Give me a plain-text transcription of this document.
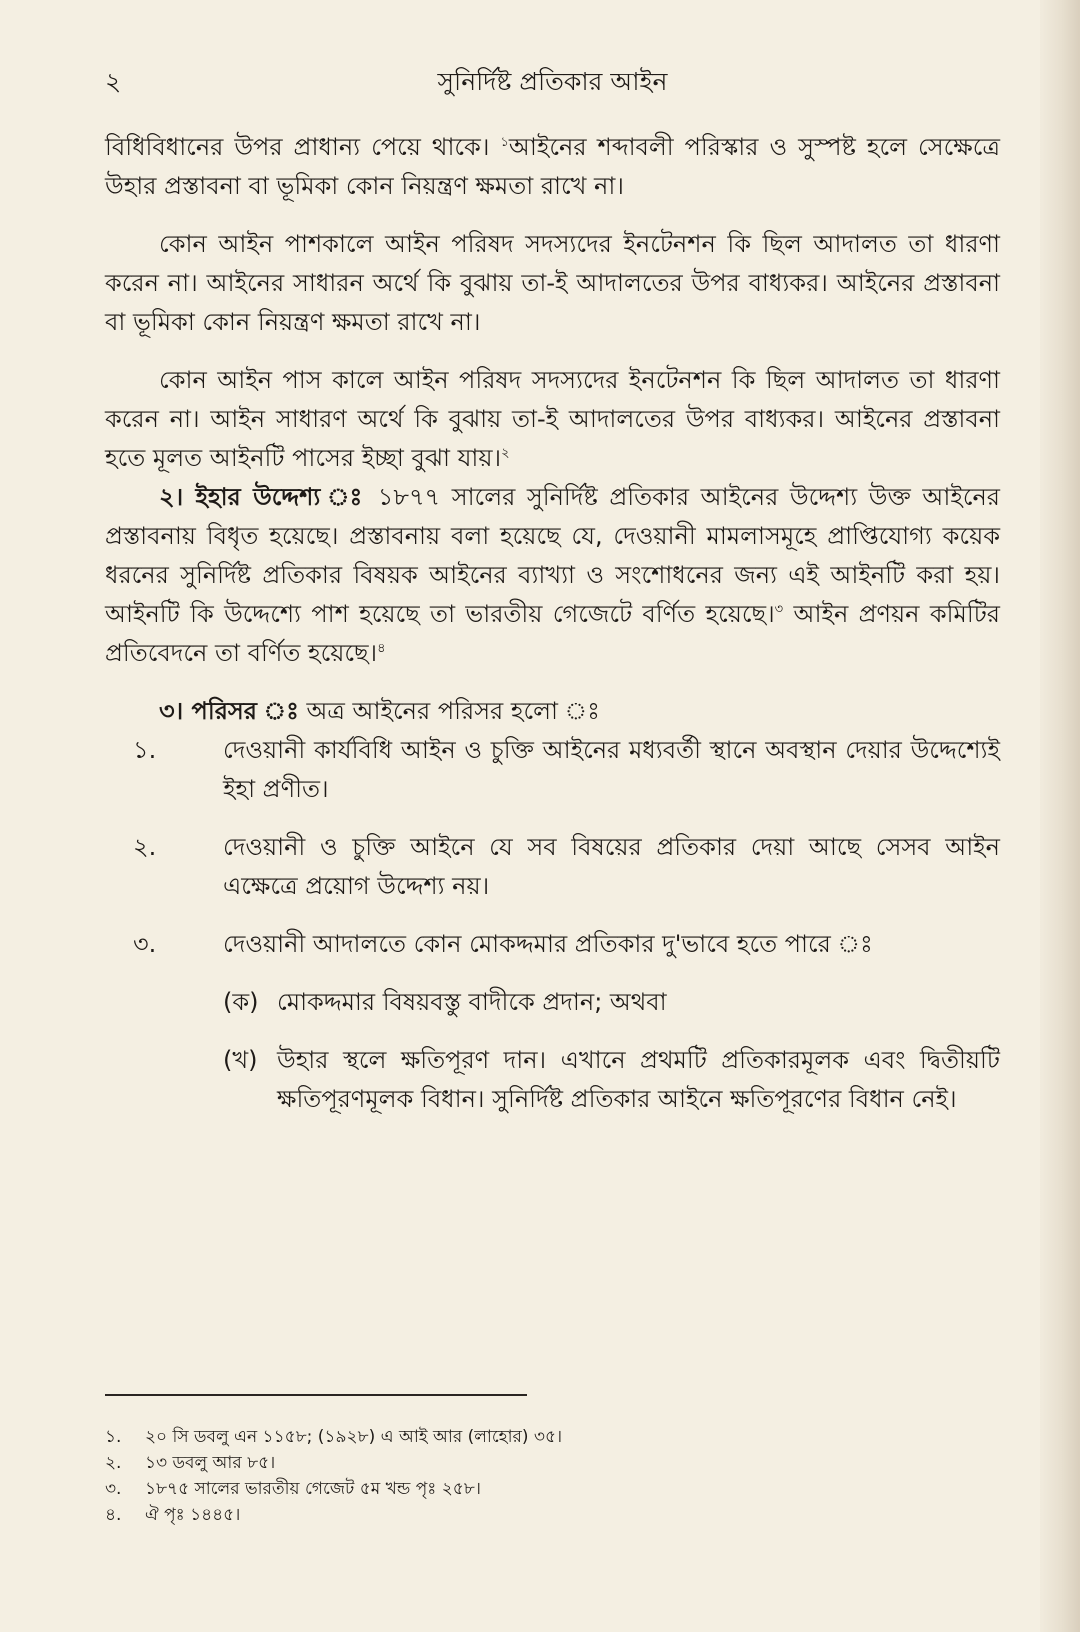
২	সুনির্দিষ্ট প্রতিকার আইন

বিধিবিধানের উপর প্রাধান্য পেয়ে থাকে। $^১$আইনের শব্দাবলী পরিস্কার ও সুস্পষ্ট হলে সেক্ষেত্রে উহার প্রস্তাবনা বা ভূমিকা কোন নিয়ন্ত্রণ ক্ষমতা রাখে না।

কোন আইন পাশকালে আইন পরিষদ সদস্যদের ইনটেনশন কি ছিল আদালত তা ধারণা করেন না। আইনের সাধারন অর্থে কি বুঝায় তা-ই আদালতের উপর বাধ্যকর। আইনের প্রস্তাবনা বা ভূমিকা কোন নিয়ন্ত্রণ ক্ষমতা রাখে না।

কোন আইন পাস কালে আইন পরিষদ সদস্যদের ইনটেনশন কি ছিল আদালত তা ধারণা করেন না। আইন সাধারণ অর্থে কি বুঝায় তা-ই আদালতের উপর বাধ্যকর। আইনের প্রস্তাবনা হতে মূলত আইনটি পাসের ইচ্ছা বুঝা যায়।$^২$

২। ইহার উদ্দেশ্য ঃ ১৮৭৭ সালের সুনির্দিষ্ট প্রতিকার আইনের উদ্দেশ্য উক্ত আইনের প্রস্তাবনায় বিধৃত হয়েছে। প্রস্তাবনায় বলা হয়েছে যে, দেওয়ানী মামলাসমূহে প্রাপ্তিযোগ্য কয়েক ধরনের সুনির্দিষ্ট প্রতিকার বিষয়ক আইনের ব্যাখ্যা ও সংশোধনের জন্য এই আইনটি করা হয়। আইনটি কি উদ্দেশ্যে পাশ হয়েছে তা ভারতীয় গেজেটে বর্ণিত হয়েছে।$^৩$ আইন প্রণয়ন কমিটির প্রতিবেদনে তা বর্ণিত হয়েছে।$^৪$

৩। পরিসর ঃ অত্র আইনের পরিসর হলো ঃ

১.	দেওয়ানী কার্যবিধি আইন ও চুক্তি আইনের মধ্যবর্তী স্থানে অবস্থান দেয়ার উদ্দেশ্যেই ইহা প্রণীত।

২.	দেওয়ানী ও চুক্তি আইনে যে সব বিষয়ের প্রতিকার দেয়া আছে সেসব আইন এক্ষেত্রে প্রয়োগ উদ্দেশ্য নয়।

৩.	দেওয়ানী আদালতে কোন মোকদ্দমার প্রতিকার দু'ভাবে হতে পারে ঃ

(ক) মোকদ্দমার বিষয়বস্তু বাদীকে প্রদান; অথবা

(খ) উহার স্থলে ক্ষতিপূরণ দান। এখানে প্রথমটি প্রতিকারমূলক এবং দ্বিতীয়টি ক্ষতিপূরণমূলক বিধান। সুনির্দিষ্ট প্রতিকার আইনে ক্ষতিপূরণের বিধান নেই।

১. ২০ সি ডবলু এন ১১৫৮; (১৯২৮) এ আই আর (লাহোর) ৩৫।

২. ১৩ ডবলু আর ৮৫।

৩. ১৮৭৫ সালের ভারতীয় গেজেট ৫ম খন্ড পৃঃ ২৫৮।

৪. ঐ পৃঃ ১৪৪৫।
